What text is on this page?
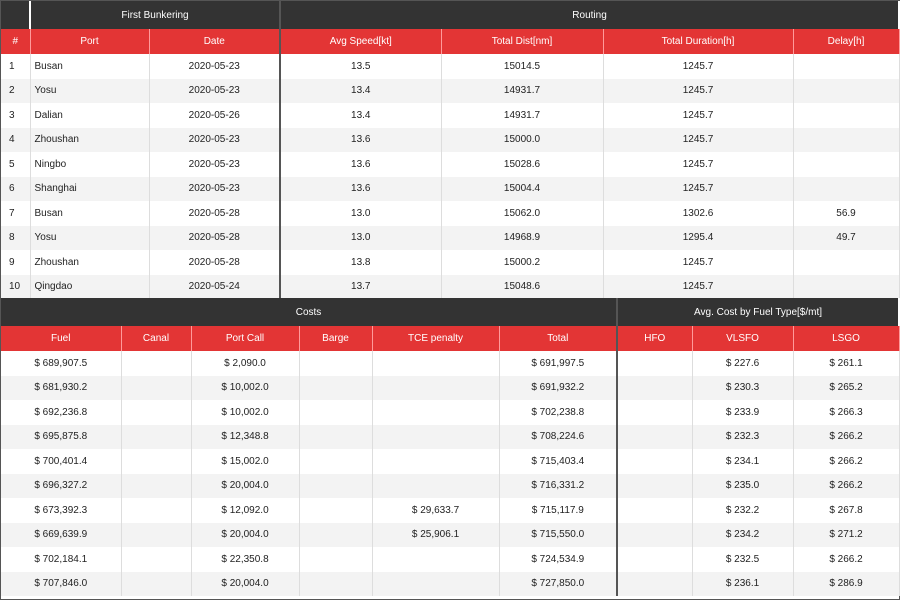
	First Bunkering		Routing			
#	Port	Date	Avg Speed[kt]	Total Dist[nm]	Total Duration[h]	Delay[h]
1	Busan	2020-05-23	13.5	15014.5	1245.7	
2	Yosu	2020-05-23	13.4	14931.7	1245.7	
3	Dalian	2020-05-26	13.4	14931.7	1245.7	
4	Zhoushan	2020-05-23	13.6	15000.0	1245.7	
5	Ningbo	2020-05-23	13.6	15028.6	1245.7	
6	Shanghai	2020-05-23	13.6	15004.4	1245.7	
7	Busan	2020-05-28	13.0	15062.0	1302.6	56.9
8	Yosu	2020-05-28	13.0	14968.9	1295.4	49.7
9	Zhoushan	2020-05-28	13.8	15000.2	1245.7	
10	Qingdao	2020-05-24	13.7	15048.6	1245.7	
Costs						Avg. Cost by Fuel Type[$/mt]		
Fuel	Canal	Port Call	Barge	TCE penalty	Total	HFO	VLSFO	LSGO
$ 689,907.5		$ 2,090.0			$ 691,997.5		$ 227.6	$ 261.1
$ 681,930.2		$ 10,002.0			$ 691,932.2		$ 230.3	$ 265.2
$ 692,236.8		$ 10,002.0			$ 702,238.8		$ 233.9	$ 266.3
$ 695,875.8		$ 12,348.8			$ 708,224.6		$ 232.3	$ 266.2
$ 700,401.4		$ 15,002.0			$ 715,403.4		$ 234.1	$ 266.2
$ 696,327.2		$ 20,004.0			$ 716,331.2		$ 235.0	$ 266.2
$ 673,392.3		$ 12,092.0		$ 29,633.7	$ 715,117.9		$ 232.2	$ 267.8
$ 669,639.9		$ 20,004.0		$ 25,906.1	$ 715,550.0		$ 234.2	$ 271.2
$ 702,184.1		$ 22,350.8			$ 724,534.9		$ 232.5	$ 266.2
$ 707,846.0		$ 20,004.0			$ 727,850.0		$ 236.1	$ 286.9
